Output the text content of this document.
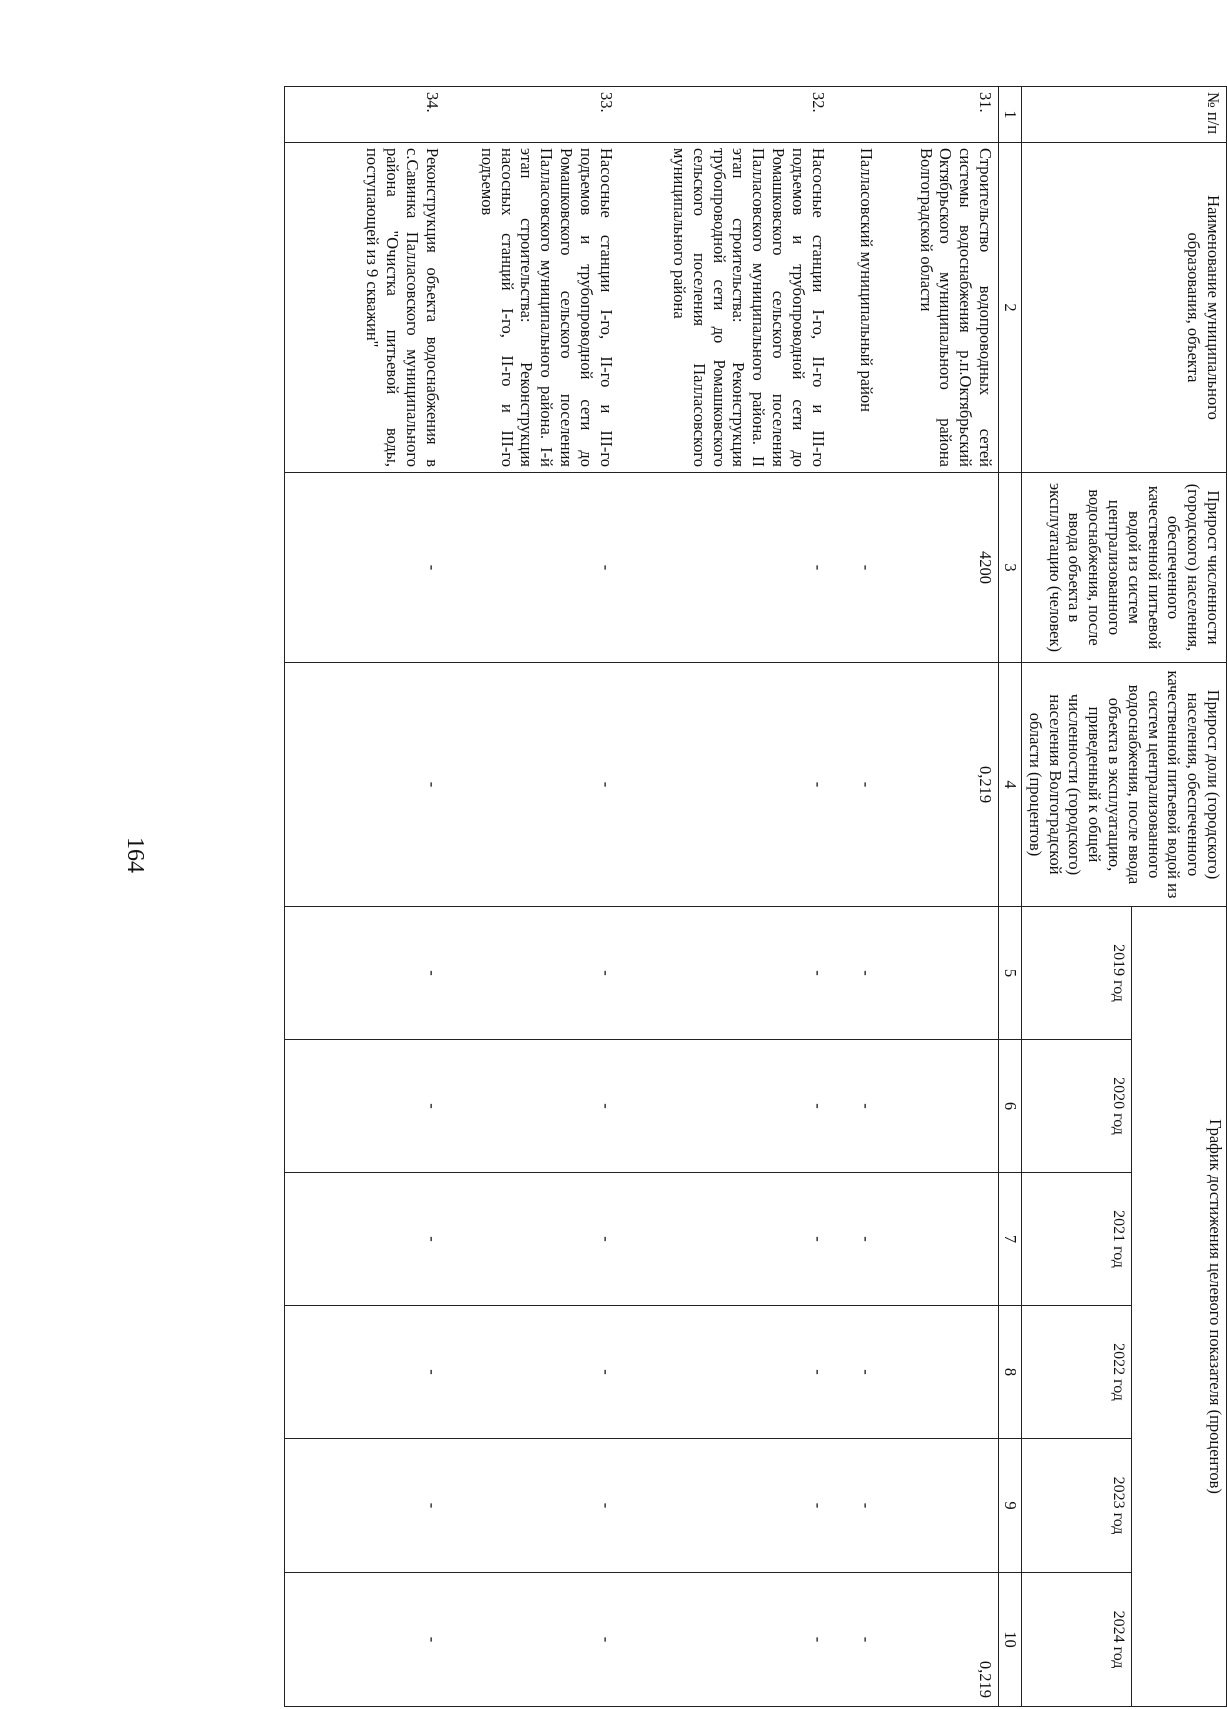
164
№ п/п	Наименование муниципального образования, объекта	Прирост численности (городского) населения, обеспеченного качественной питьевой водой из систем централизованного водоснабжения, после ввода объекта в эксплуатацию (человек)	Прирост доли (городского) населения, обеспеченного качественной питьевой водой из систем централизованного водоснабжения, после ввода объекта в эксплуатацию, приведенный к общей численности (городского) населения Волгоградской области (процентов)	График достижения целевого показателя (процентов)					
				2019 год	2020 год	2021 год	2022 год	2023 год	2024 год
1	2	3	4	5	6	7	8	9	10
31.	Строительство водопроводных сетей системы водоснабжения р.п.Октябрьский Октябрьского муниципального района Волгоградской области	4200	0,219						0,219
	Палласовский муниципальный район	-	-	-	-	-	-	-	-
32.	Насосные станции I-го, II-го и III-го подъемов и трубопроводной сети до Ромашковского сельского поселения Палласовского муниципального района. II этап строительства: Реконструкция трубопроводной сети до Ромашковского сельского поселения Палласовского муниципального района	-	-	-	-	-	-	-	-
33.	Насосные станции I-го, II-го и III-го подъемов и трубопроводной сети до Ромашковского сельского поселения Палласовского муниципального района. I-й этап строительства: Реконструкция насосных станций I-го, II-го и III-го подъемов	-	-	-	-	-	-	-	-
34.	Реконструкция объекта водоснабжения в с.Савинка Палласовского муниципального района "Очистка питьевой воды, поступающей из 9 скважин"	-	-	-	-	-	-	-	-
